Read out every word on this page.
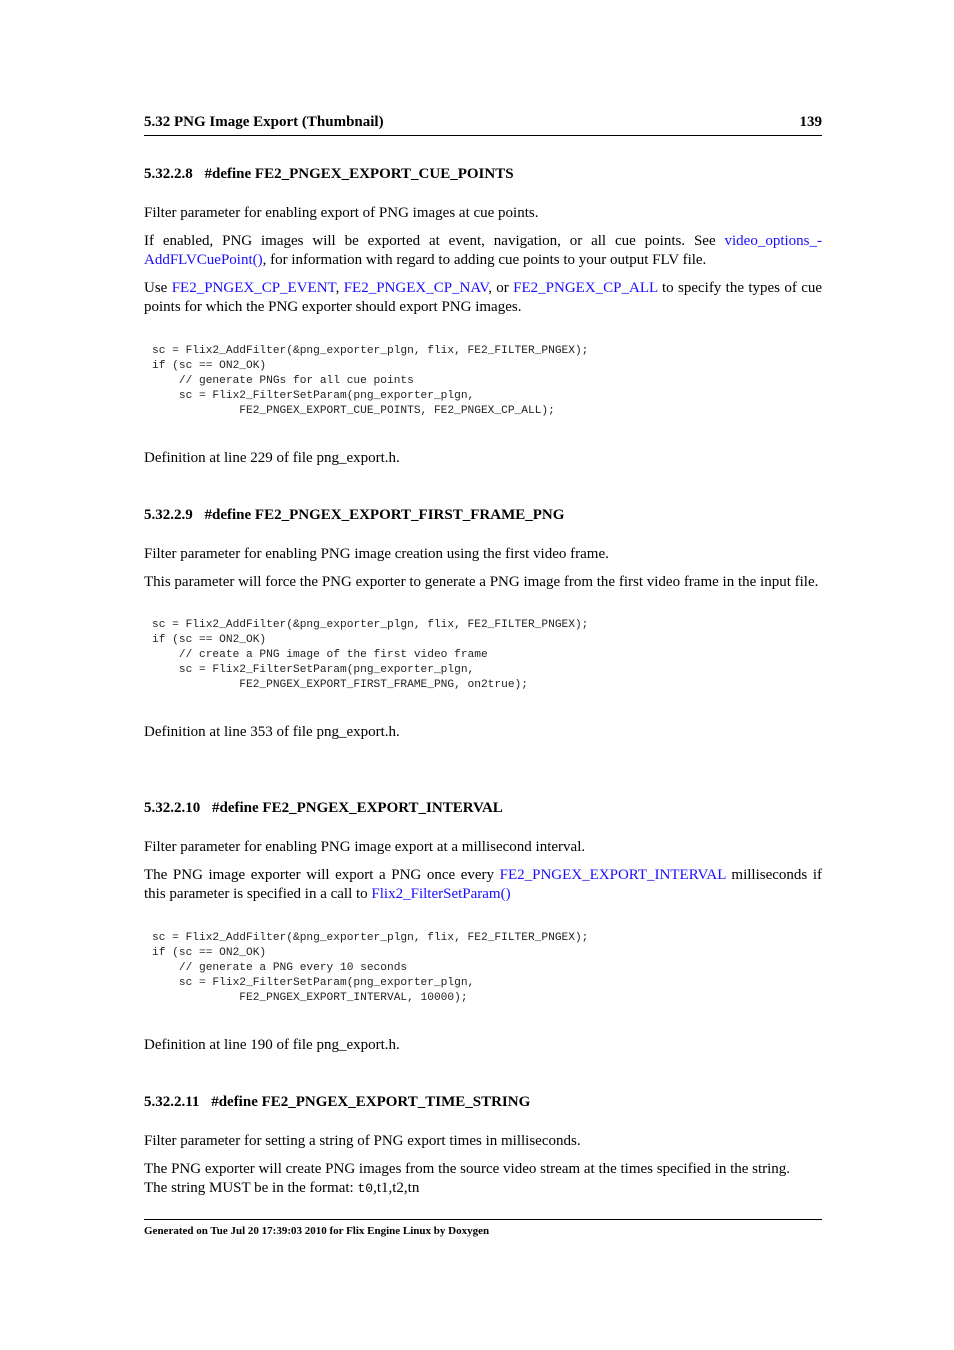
5.32 PNG Image Export (Thumbnail)	139
5.32.2.8 #define FE2_PNGEX_EXPORT_CUE_POINTS

Filter parameter for enabling export of PNG images at cue points.

If enabled, PNG images will be exported at event, navigation, or all cue points. See video_options_-AddFLVCuePoint(), for information with regard to adding cue points to your output FLV file.

Use FE2_PNGEX_CP_EVENT, FE2_PNGEX_CP_NAV, or FE2_PNGEX_CP_ALL to specify the types of cue points for which the PNG exporter should export PNG images.

sc = Flix2_AddFilter(&png_exporter_plgn, flix, FE2_FILTER_PNGEX);
if (sc == ON2_OK)
// generate PNGs for all cue points
sc = Flix2_FilterSetParam(png_exporter_plgn,
FE2_PNGEX_EXPORT_CUE_POINTS, FE2_PNGEX_CP_ALL);

Definition at line 229 of file png_export.h.

5.32.2.9 #define FE2_PNGEX_EXPORT_FIRST_FRAME_PNG

Filter parameter for enabling PNG image creation using the first video frame.

This parameter will force the PNG exporter to generate a PNG image from the first video frame in the input file.

sc = Flix2_AddFilter(&png_exporter_plgn, flix, FE2_FILTER_PNGEX);
if (sc == ON2_OK)
// create a PNG image of the first video frame
sc = Flix2_FilterSetParam(png_exporter_plgn,
FE2_PNGEX_EXPORT_FIRST_FRAME_PNG, on2true);

Definition at line 353 of file png_export.h.

5.32.2.10 #define FE2_PNGEX_EXPORT_INTERVAL

Filter parameter for enabling PNG image export at a millisecond interval.

The PNG image exporter will export a PNG once every FE2_PNGEX_EXPORT_INTERVAL milliseconds if this parameter is specified in a call to Flix2_FilterSetParam()

sc = Flix2_AddFilter(&png_exporter_plgn, flix, FE2_FILTER_PNGEX);
if (sc == ON2_OK)
// generate a PNG every 10 seconds
sc = Flix2_FilterSetParam(png_exporter_plgn,
FE2_PNGEX_EXPORT_INTERVAL, 10000);

Definition at line 190 of file png_export.h.

5.32.2.11 #define FE2_PNGEX_EXPORT_TIME_STRING

Filter parameter for setting a string of PNG export times in milliseconds.

The PNG exporter will create PNG images from the source video stream at the times specified in the string.

The string MUST be in the format: t0,t1,t2,tn

Generated on Tue Jul 20 17:39:03 2010 for Flix Engine Linux by Doxygen
